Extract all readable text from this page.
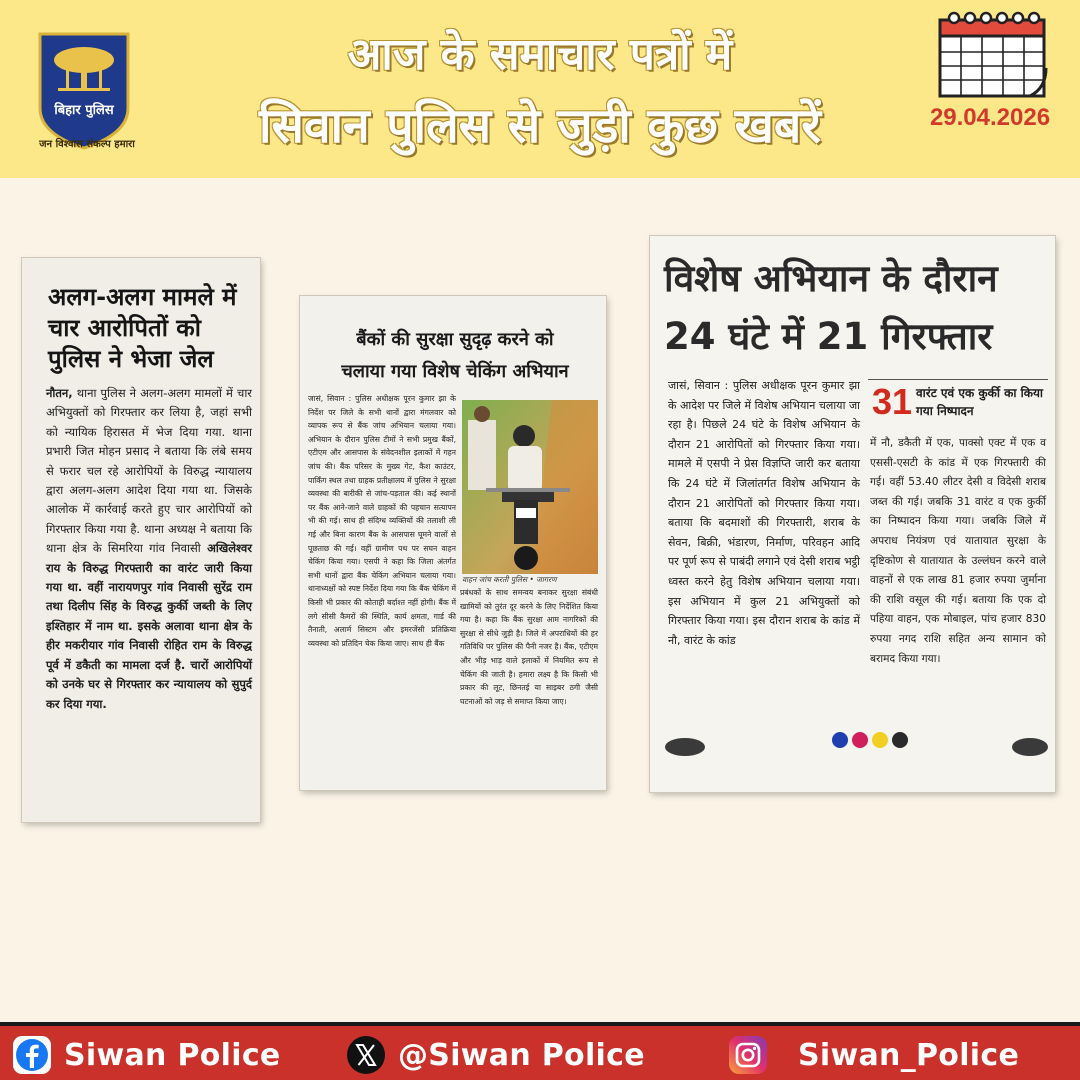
बिहार पुलिस
जन विश्वास संकल्प हमारा
आज के समाचार पत्रों में
सिवान पुलिस से जुड़ी कुछ खबरें	29.04.2026
अलग-अलग मामले में चार आरोपितों को पुलिस ने भेजा जेल
नौतन, थाना पुलिस ने अलग-अलग मामलों में चार अभियुक्तों को गिरफ्तार कर लिया है, जहां सभी को न्यायिक हिरासत में भेज दिया गया. थाना प्रभारी जित मोहन प्रसाद ने बताया कि लंबे समय से फरार चल रहे आरोपियों के विरुद्ध न्यायालय द्वारा अलग-अलग आदेश दिया गया था. जिसके आलोक में कार्रवाई करते हुए चार आरोपियों को गिरफ्तार किया गया है. थाना अध्यक्ष ने बताया कि थाना क्षेत्र के सिमरिया गांव निवासी अखिलेश्वर राय के विरुद्ध गिरफ्तारी का वारंट जारी किया गया था. वहीं नारायणपुर गांव निवासी सुरेंद्र राम तथा दिलीप सिंह के विरुद्ध कुर्की जब्ती के लिए इश्तिहार में नाम था. इसके अलावा थाना क्षेत्र के हीर मकरीयार गांव निवासी रोहित राम के विरुद्ध पूर्व में डकैती का मामला दर्ज है. चारों आरोपियों को उनके घर से गिरफ्तार कर न्यायालय को सुपुर्द कर दिया गया.
बैंकों की सुरक्षा सुदृढ़ करने को
चलाया गया विशेष चेकिंग अभियान
जासं, सिवान : पुलिस अधीक्षक पूरन कुमार झा के निर्देश पर जिले के सभी थानों द्वारा मंगलवार को व्यापक रूप से बैंक जांच अभियान चलाया गया। अभियान के दौरान पुलिस टीमों ने सभी प्रमुख बैंकों, एटीएम और आसपास के संवेदनशील इलाकों में गहन जांच की। बैंक परिसर के मुख्य गेट, कैश काउंटर, पार्किंग स्थल तथा ग्राहक प्रतीक्षालय में पुलिस ने सुरक्षा व्यवस्था की बारीकी से जांच-पड़ताल की। कई स्थानों पर बैंक आने-जाने वाले ग्राहकों की पहचान सत्यापन भी की गई। साथ ही संदिग्ध व्यक्तियों की तलाशी ली गई और बिना कारण बैंक के आसपास घूमने वालों से पूछताछ की गई। वहीं ग्रामीण पथ पर सघन वाहन चेकिंग किया गया। एसपी ने कहा कि जिला अंतर्गत सभी थानों द्वारा बैंक चेकिंग अभियान चलाया गया। थानाध्यक्षों को स्पष्ट निर्देश दिया गया कि बैंक चेकिंग में किसी भी प्रकार की कोताही बर्दाश्त नहीं होगी। बैंक में लगे सीसी कैमरों की स्थिति, कार्य क्षमता, गार्ड की तैनाती, अलार्म सिस्टम और इमरजेंसी प्रतिक्रिया व्यवस्था को प्रतिदिन चेक किया जाए। साथ ही बैंक
वाहन जांच करती पुलिस • जागरण
प्रबंधकों के साथ समन्वय बनाकर सुरक्षा संबंधी खामियों को तुरंत दूर करने के लिए निर्देशित किया गया है। कहा कि बैंक सुरक्षा आम नागरिकों की सुरक्षा से सीधे जुड़ी है। जिले में अपराधियों की हर गतिविधि पर पुलिस की पैनी नजर है। बैंक, एटीएम और भीड़ भाड़ वाले इलाकों में नियमित रूप से चेकिंग की जाती है। हमारा लक्ष्य है कि किसी भी प्रकार की लूट, छिनतई या साइबर ठगी जैसी घटनाओं को जड़ से समाप्त किया जाए।
विशेष अभियान के दौरान
24 घंटे में 21 गिरफ्तार
जासं, सिवान : पुलिस अधीक्षक पूरन कुमार झा के आदेश पर जिले में विशेष अभियान चलाया जा रहा है। पिछले 24 घंटे के विशेष अभियान के दौरान 21 आरोपितों को गिरफ्तार किया गया। मामले में एसपी ने प्रेस विज्ञप्ति जारी कर बताया कि 24 घंटे में जिलांतर्गत विशेष अभियान के दौरान 21 आरोपितों को गिरफ्तार किया गया। बताया कि बदमाशों की गिरफ्तारी, शराब के सेवन, बिक्री, भंडारण, निर्माण, परिवहन आदि पर पूर्ण रूप से पाबंदी लगाने एवं देसी शराब भट्ठी ध्वस्त करने हेतु विशेष अभियान चलाया गया। इस अभियान में कुल 21 अभियुक्तों को गिरफ्तार किया गया। इस दौरान शराब के कांड में नौ, वारंट के कांड
31 वारंट एवं एक कुर्की का किया गया निष्पादन
में नौ, डकैती में एक, पाक्सो एक्ट में एक व एससी-एसटी के कांड में एक गिरफ्तारी की गई। वहीं 53.40 लीटर देसी व विदेसी शराब जब्त की गई। जबकि 31 वारंट व एक कुर्की का निष्पादन किया गया। जबकि जिले में अपराध नियंत्रण एवं यातायात सुरक्षा के दृष्टिकोण से यातायात के उल्लंघन करने वाले वाहनों से एक लाख 81 हजार रुपया जुर्माना की राशि वसूल की गई। बताया कि एक दो पहिया वाहन, एक मोबाइल, पांच हजार 830 रुपया नगद राशि सहित अन्य सामान को बरामद किया गया।
Siwan Police	@Siwan Police	Siwan_Police
